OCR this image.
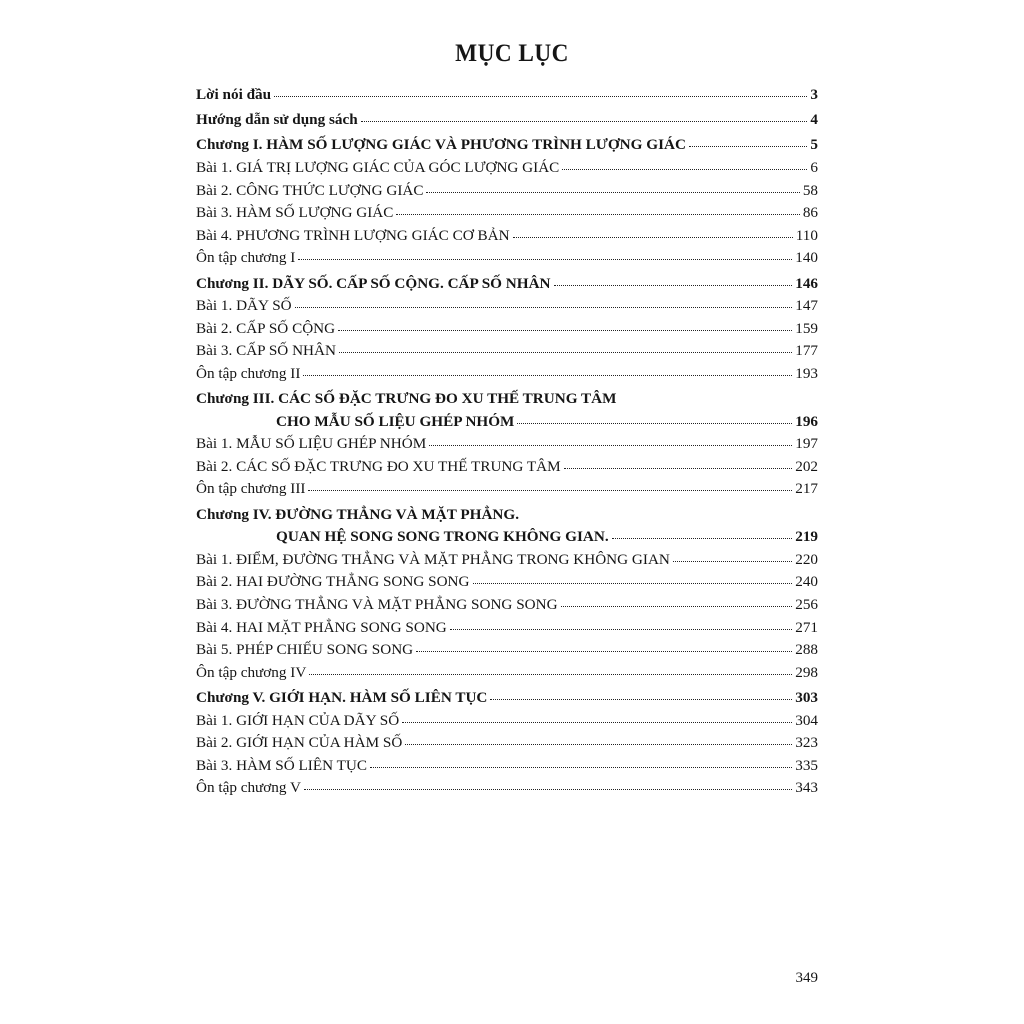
MỤC LỤC
Lời nói đầu	3
Hướng dẫn sử dụng sách	4
Chương I. HÀM SỐ LƯỢNG GIÁC VÀ PHƯƠNG TRÌNH LƯỢNG GIÁC	5
Bài 1. GIÁ TRỊ LƯỢNG GIÁC CỦA GÓC LƯỢNG GIÁC	6
Bài 2. CÔNG THỨC LƯỢNG GIÁC	58
Bài 3. HÀM SỐ LƯỢNG GIÁC	86
Bài 4. PHƯƠNG TRÌNH LƯỢNG GIÁC CƠ BẢN	110
Ôn tập chương I	140
Chương II. DÃY SỐ. CẤP SỐ CỘNG. CẤP SỐ NHÂN	146
Bài 1. DÃY SỐ	147
Bài 2. CẤP SỐ CỘNG	159
Bài 3. CẤP SỐ NHÂN	177
Ôn tập chương II	193
Chương III. CÁC SỐ ĐẶC TRƯNG ĐO XU THẾ TRUNG TÂM
CHO MẪU SỐ LIỆU GHÉP NHÓM	196
Bài 1. MẪU SỐ LIỆU GHÉP NHÓM	197
Bài 2. CÁC SỐ ĐẶC TRƯNG ĐO XU THẾ TRUNG TÂM	202
Ôn tập chương III	217
Chương IV. ĐƯỜNG THẲNG VÀ MẶT PHẲNG.
QUAN HỆ SONG SONG TRONG KHÔNG GIAN.	219
Bài 1. ĐIỂM, ĐƯỜNG THẲNG VÀ MẶT PHẲNG TRONG KHÔNG GIAN	220
Bài 2. HAI ĐƯỜNG THẲNG SONG SONG	240
Bài 3. ĐƯỜNG THẲNG VÀ MẶT PHẲNG SONG SONG	256
Bài 4. HAI MẶT PHẲNG SONG SONG	271
Bài 5. PHÉP CHIẾU SONG SONG	288
Ôn tập chương IV	298
Chương V. GIỚI HẠN. HÀM SỐ LIÊN TỤC	303
Bài 1. GIỚI HẠN CỦA DÃY SỐ	304
Bài 2. GIỚI HẠN CỦA HÀM SỐ	323
Bài 3. HÀM SỐ LIÊN TỤC	335
Ôn tập chương V	343
349
